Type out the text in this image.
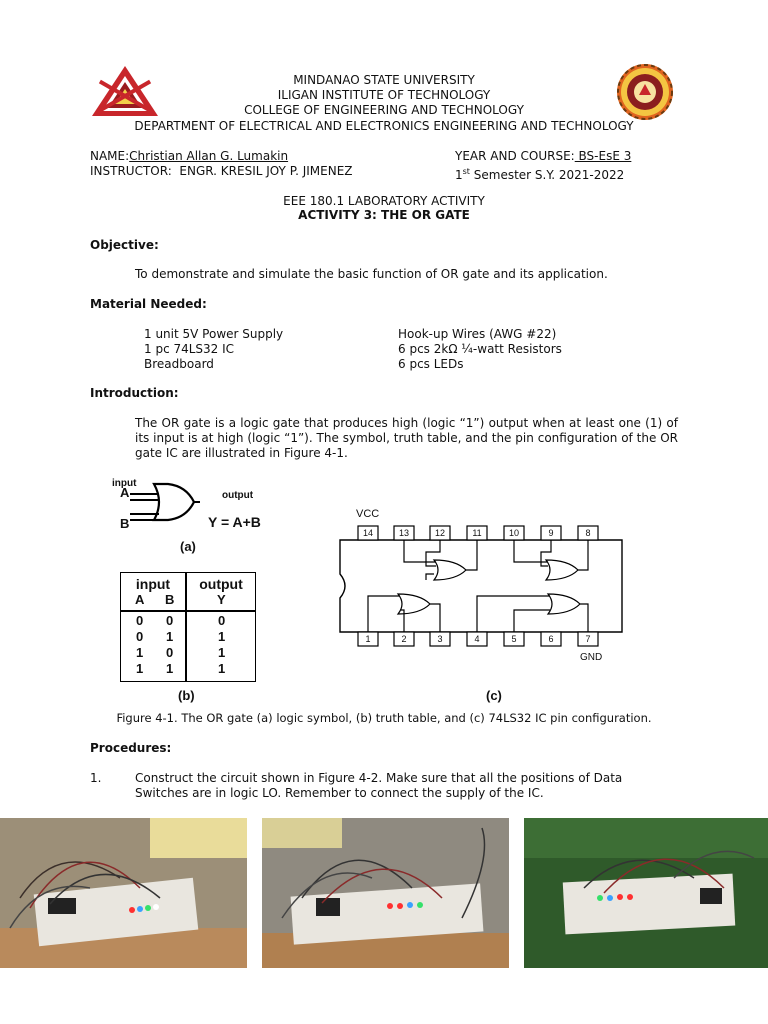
MINDANAO STATE UNIVERSITY
ILIGAN INSTITUTE OF TECHNOLOGY
COLLEGE OF ENGINEERING AND TECHNOLOGY
DEPARTMENT OF ELECTRICAL AND ELECTRONICS ENGINEERING AND TECHNOLOGY
NAME:Christian Allan G. Lumakin
INSTRUCTOR: ENGR. KRESIL JOY P. JIMENEZ
YEAR AND COURSE: BS-EsE 3
1st Semester S.Y. 2021-2022
EEE 180.1 LABORATORY ACTIVITY
ACTIVITY 3: THE OR GATE
Objective:
To demonstrate and simulate the basic function of OR gate and its application.
Material Needed:
1 unit 5V Power Supply
1 pc 74LS32 IC
Breadboard
Hook-up Wires (AWG #22)
6 pcs 2kΩ ¼-watt Resistors
6 pcs LEDs
Introduction:
The OR gate is a logic gate that produces high (logic “1”) output when at least one (1) of its input is at high (logic “1”). The symbol, truth table, and the pin configuration of the OR gate IC are illustrated in Figure 4-1.
input
A
B
output
Y = A+B
(a)
input	output
A B	Y
0 0	0
0 1	1
1 0	1
1 1	1
(b)
VCC
14	13	12	11	10	9	8
1	2	3	4	5	6	7
GND
(c)
Figure 4-1. The OR gate (a) logic symbol, (b) truth table, and (c) 74LS32 IC pin configuration.
Procedures:
1.	Construct the circuit shown in Figure 4-2. Make sure that all the positions of Data Switches are in logic LO. Remember to connect the supply of the IC.
